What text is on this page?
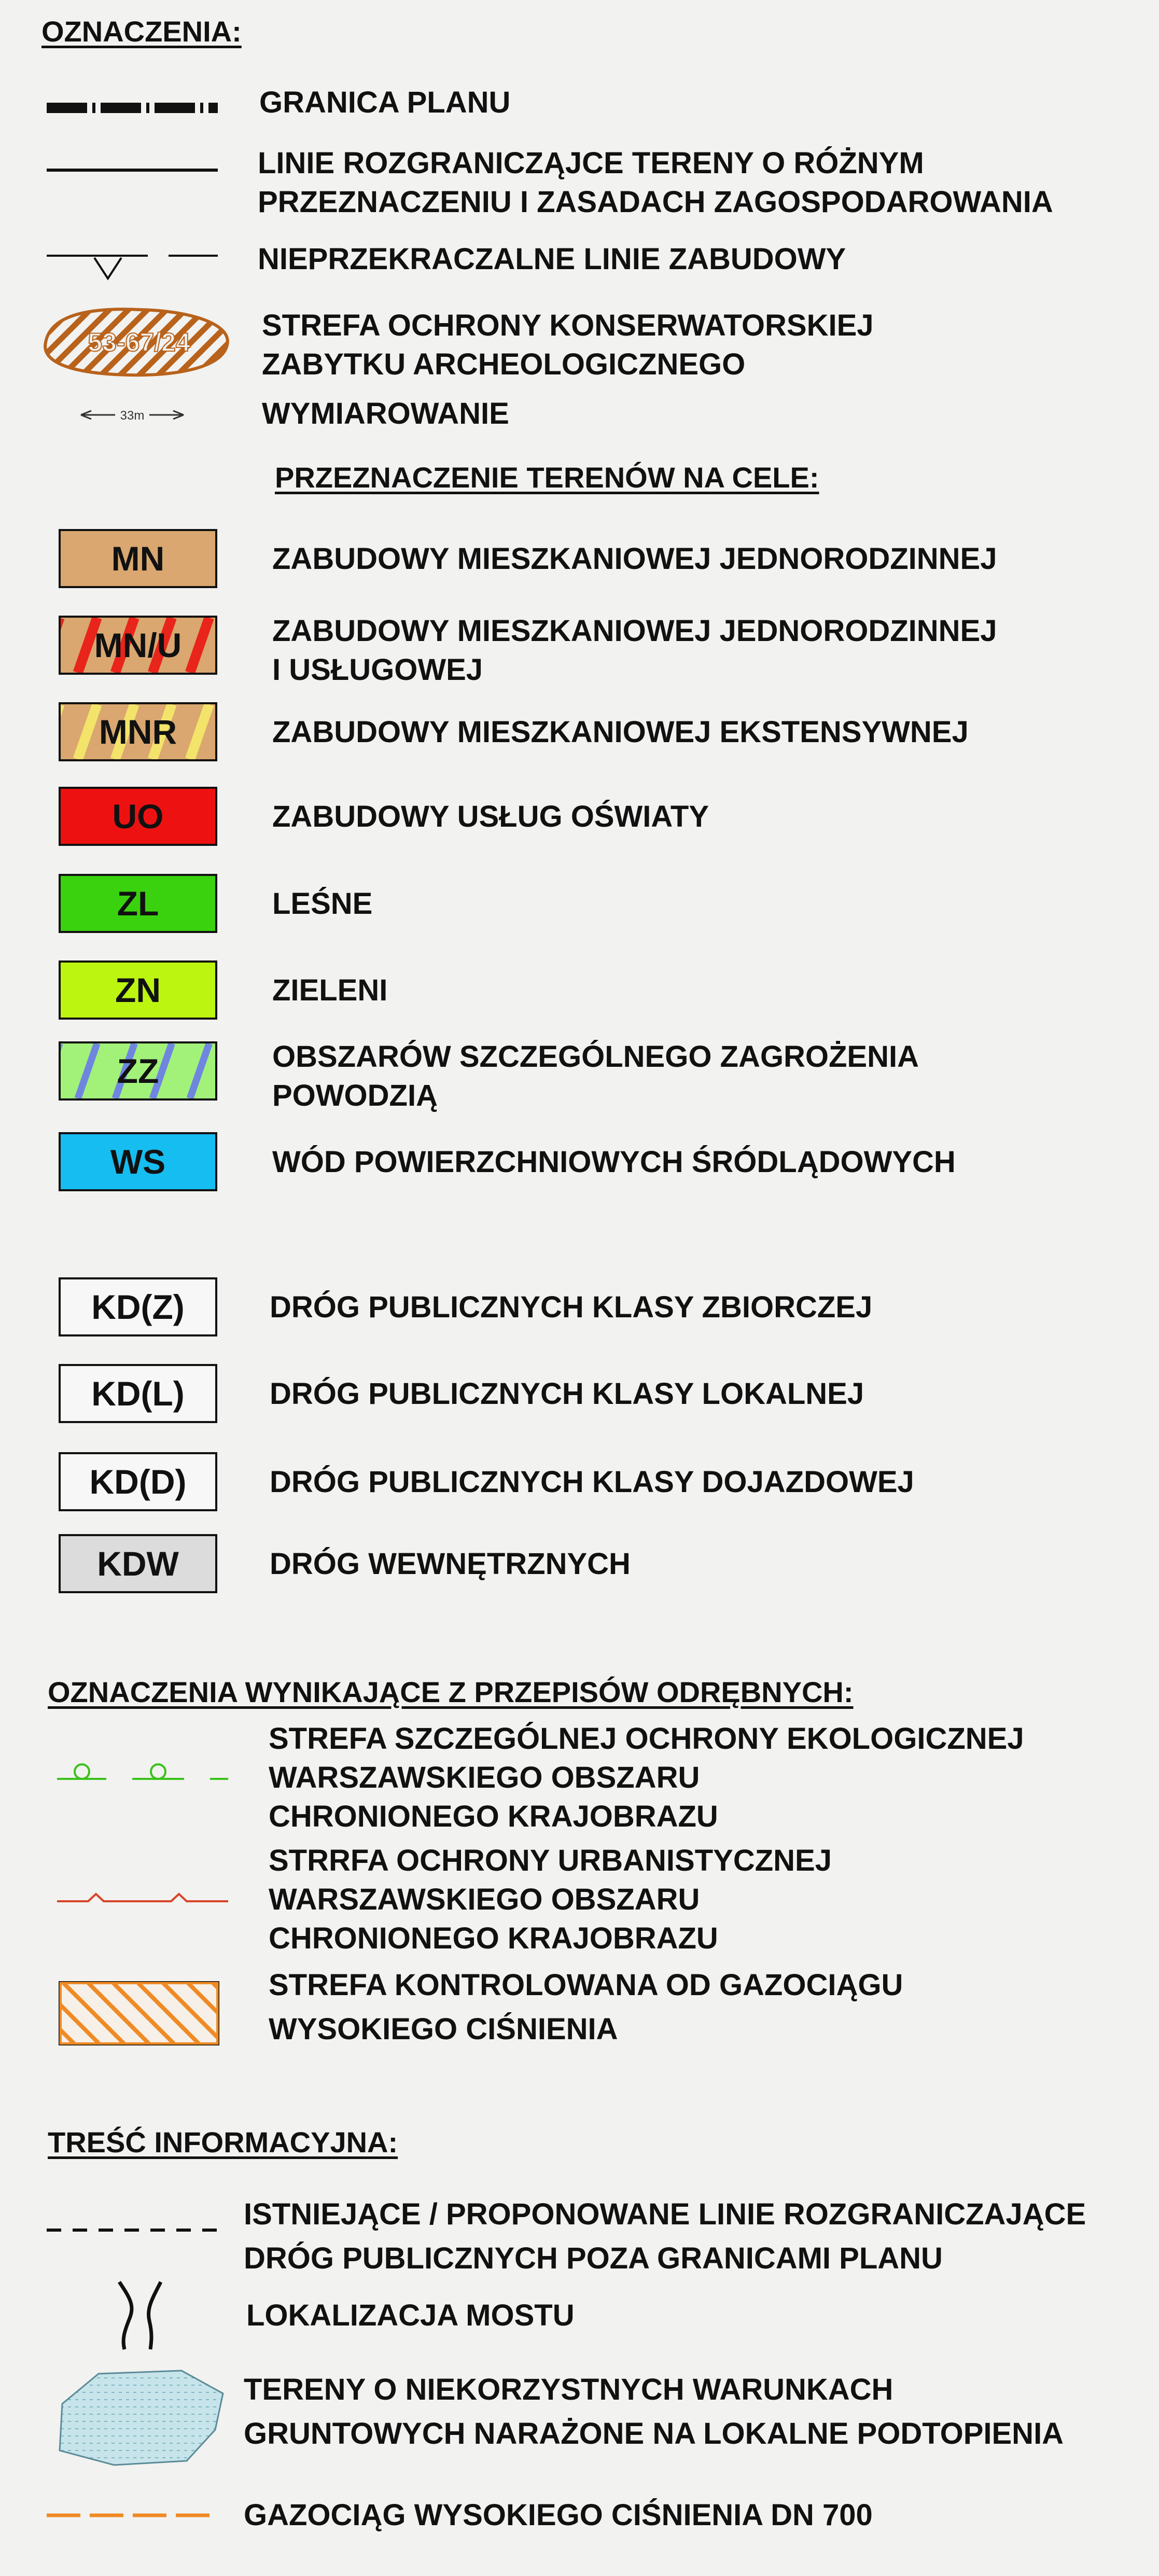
OZNACZENIA:
GRANICA PLANU
LINIE ROZGRANICZĄJCE TERENY O RÓŻNYM
PRZEZNACZENIU I ZASADACH ZAGOSPODAROWANIA
NIEPRZEKRACZALNE LINIE ZABUDOWY
53-67/24 STREFA OCHRONY KONSERWATORSKIEJ
ZABYTKU ARCHEOLOGICZNEGO
33m	WYMIAROWANIE
PRZEZNACZENIE TERENÓW NA CELE:
MN	ZABUDOWY MIESZKANIOWEJ JEDNORODZINNEJ
MN/U	ZABUDOWY MIESZKANIOWEJ JEDNORODZINNEJ
I USŁUGOWEJ
MNR	ZABUDOWY MIESZKANIOWEJ EKSTENSYWNEJ
UO	ZABUDOWY USŁUG OŚWIATY
ZL	LEŚNE
ZN	ZIELENI
ZZ	OBSZARÓW SZCZEGÓLNEGO ZAGROŻENIA
POWODZIĄ
WS	WÓD POWIERZCHNIOWYCH ŚRÓDLĄDOWYCH
KD(Z)	DRÓG PUBLICZNYCH KLASY ZBIORCZEJ
KD(L)	DRÓG PUBLICZNYCH KLASY LOKALNEJ
KD(D)	DRÓG PUBLICZNYCH KLASY DOJAZDOWEJ
KDW	DRÓG WEWNĘTRZNYCH
OZNACZENIA WYNIKAJĄCE Z PRZEPISÓW ODRĘBNYCH:
STREFA SZCZEGÓLNEJ OCHRONY EKOLOGICZNEJ
WARSZAWSKIEGO OBSZARU
CHRONIONEGO KRAJOBRAZU
STRRFA OCHRONY URBANISTYCZNEJ
WARSZAWSKIEGO OBSZARU
CHRONIONEGO KRAJOBRAZU
STREFA KONTROLOWANA OD GAZOCIĄGU
WYSOKIEGO CIŚNIENIA
TREŚĆ INFORMACYJNA:
ISTNIEJĄCE / PROPONOWANE LINIE ROZGRANICZAJĄCE
DRÓG PUBLICZNYCH POZA GRANICAMI PLANU
LOKALIZACJA MOSTU
TERENY O NIEKORZYSTNYCH WARUNKACH
GRUNTOWYCH NARAŻONE NA LOKALNE PODTOPIENIA
GAZOCIĄG WYSOKIEGO CIŚNIENIA DN 700
